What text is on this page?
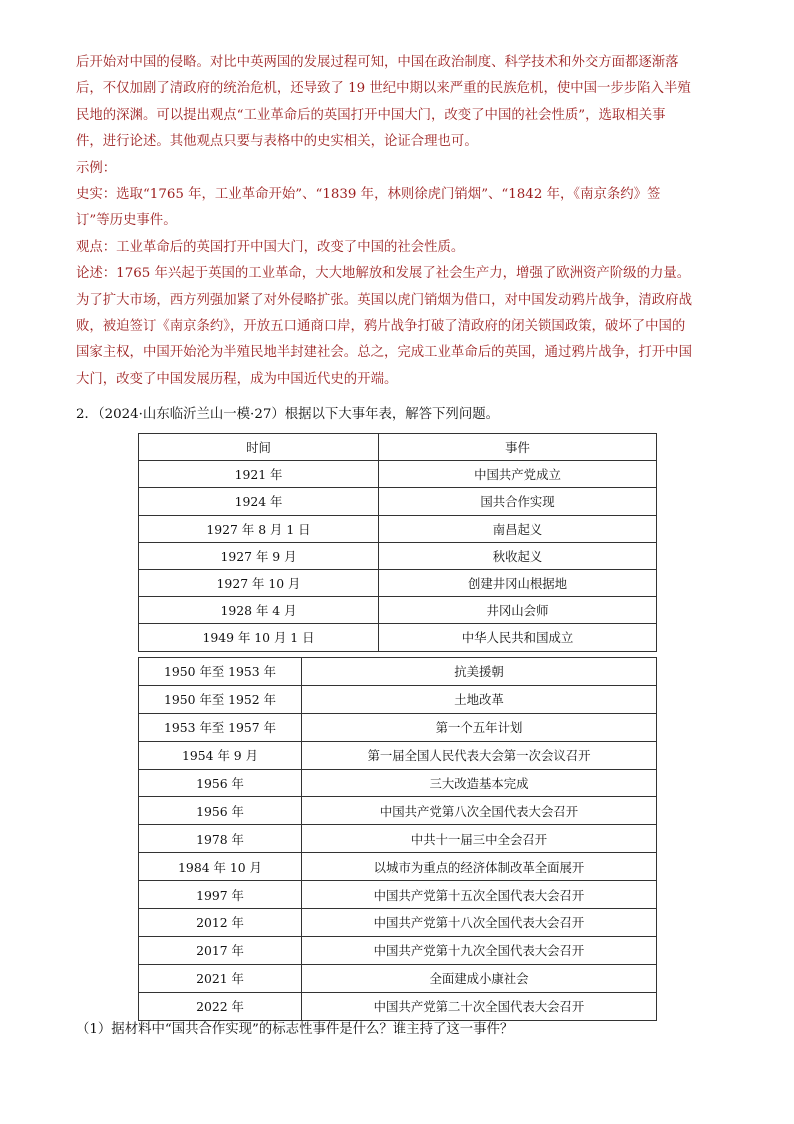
后开始对中国的侵略。对比中英两国的发展过程可知，中国在政治制度、科学技术和外交方面都逐渐落

后，不仅加剧了清政府的统治危机，还导致了 19 世纪中期以来严重的民族危机，使中国一步步陷入半殖

民地的深渊。可以提出观点“工业革命后的英国打开中国大门，改变了中国的社会性质”，选取相关事

件，进行论述。其他观点只要与表格中的史实相关，论证合理也可。

示例：

史实：选取“1765 年，工业革命开始”、“1839 年，林则徐虎门销烟”、“1842 年，《南京条约》签

订”等历史事件。

观点：工业革命后的英国打开中国大门，改变了中国的社会性质。

论述：1765 年兴起于英国的工业革命，大大地解放和发展了社会生产力，增强了欧洲资产阶级的力量。

为了扩大市场，西方列强加紧了对外侵略扩张。英国以虎门销烟为借口，对中国发动鸦片战争，清政府战

败，被迫签订《南京条约》，开放五口通商口岸，鸦片战争打破了清政府的闭关锁国政策，破坏了中国的

国家主权，中国开始沦为半殖民地半封建社会。总之，完成工业革命后的英国，通过鸦片战争，打开中国

大门，改变了中国发展历程，成为中国近代史的开端。

2．（2024·山东临沂兰山一模·27）根据以下大事年表，解答下列问题。
时间	事件
1921 年	中国共产党成立
1924 年	国共合作实现
1927 年 8 月 1 日	南昌起义
1927 年 9 月	秋收起义
1927 年 10 月	创建井冈山根据地
1928 年 4 月	井冈山会师
1949 年 10 月 1 日	中华人民共和国成立
1950 年至 1953 年	抗美援朝
1950 年至 1952 年	土地改革
1953 年至 1957 年	第一个五年计划
1954 年 9 月	第一届全国人民代表大会第一次会议召开
1956 年	三大改造基本完成
1956 年	中国共产党第八次全国代表大会召开
1978 年	中共十一届三中全会召开
1984 年 10 月	以城市为重点的经济体制改革全面展开
1997 年	中国共产党第十五次全国代表大会召开
2012 年	中国共产党第十八次全国代表大会召开
2017 年	中国共产党第十九次全国代表大会召开
2021 年	全面建成小康社会
2022 年	中国共产党第二十次全国代表大会召开
（1）据材料中“国共合作实现”的标志性事件是什么？谁主持了这一事件？
